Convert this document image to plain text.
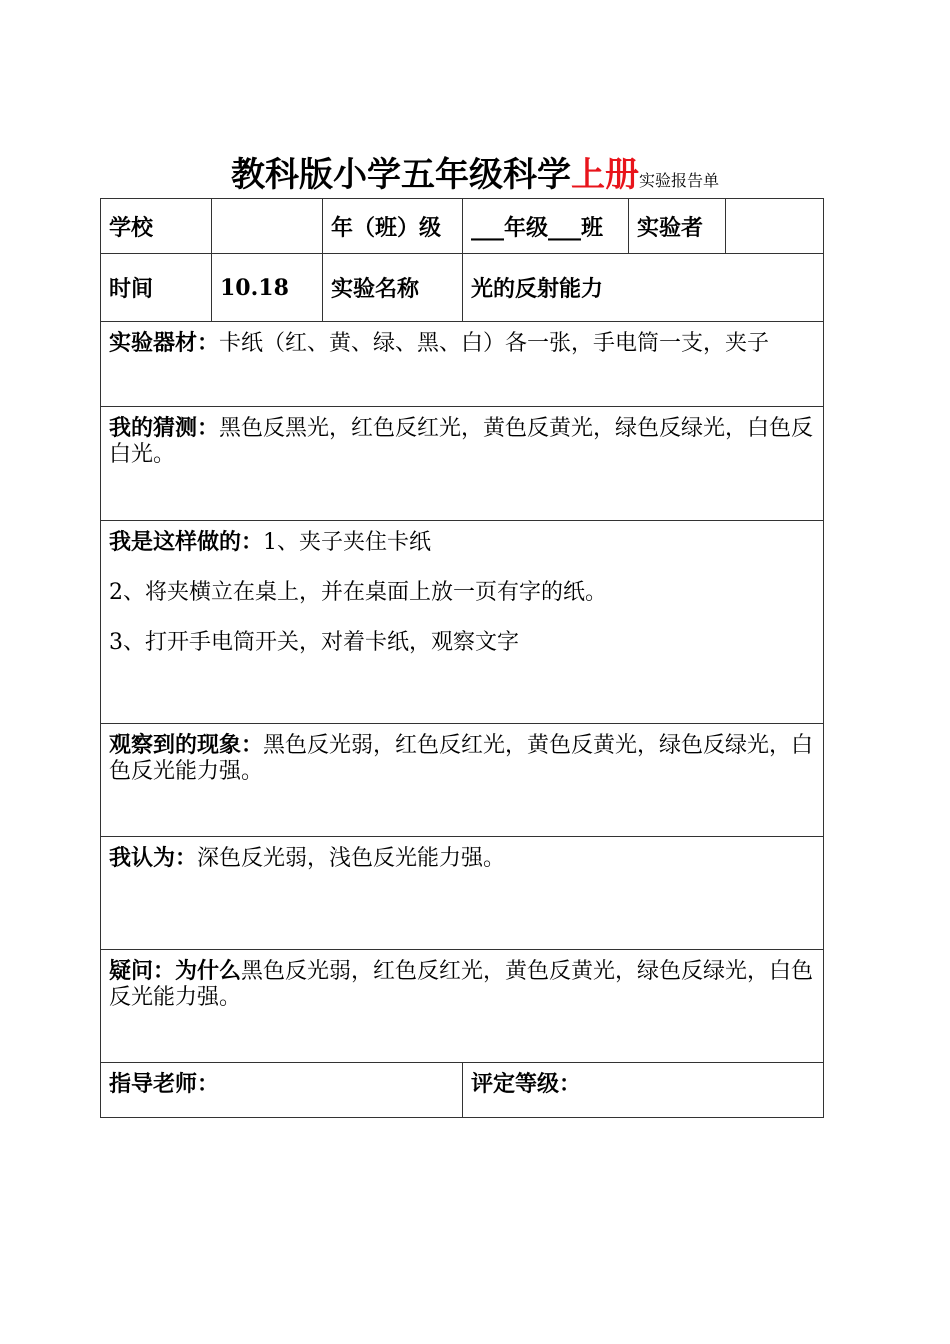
教科版小学五年级科学上册实验报告单
学校		年（班）级	___年级___班	实验者	
时间	10.18	实验名称	光的反射能力		
实验器材：卡纸（红、黄、绿、黑、白）各一张，手电筒一支，夹子					
我的猜测：黑色反黑光，红色反红光，黄色反黄光，绿色反绿光，白色反白光。					

我是这样做的：1、夹子夹住卡纸

2、将夹横立在桌上，并在桌面上放一页有字的纸。

3、打开手电筒开关，对着卡纸，观察文字					

观察到的现象：黑色反光弱，红色反红光，黄色反黄光，绿色反绿光，白色反光能力强。					
我认为：深色反光弱，浅色反光能力强。					
疑问：为什么黑色反光弱，红色反红光，黄色反黄光，绿色反绿光，白色反光能力强。					
指导老师：			评定等级：		
